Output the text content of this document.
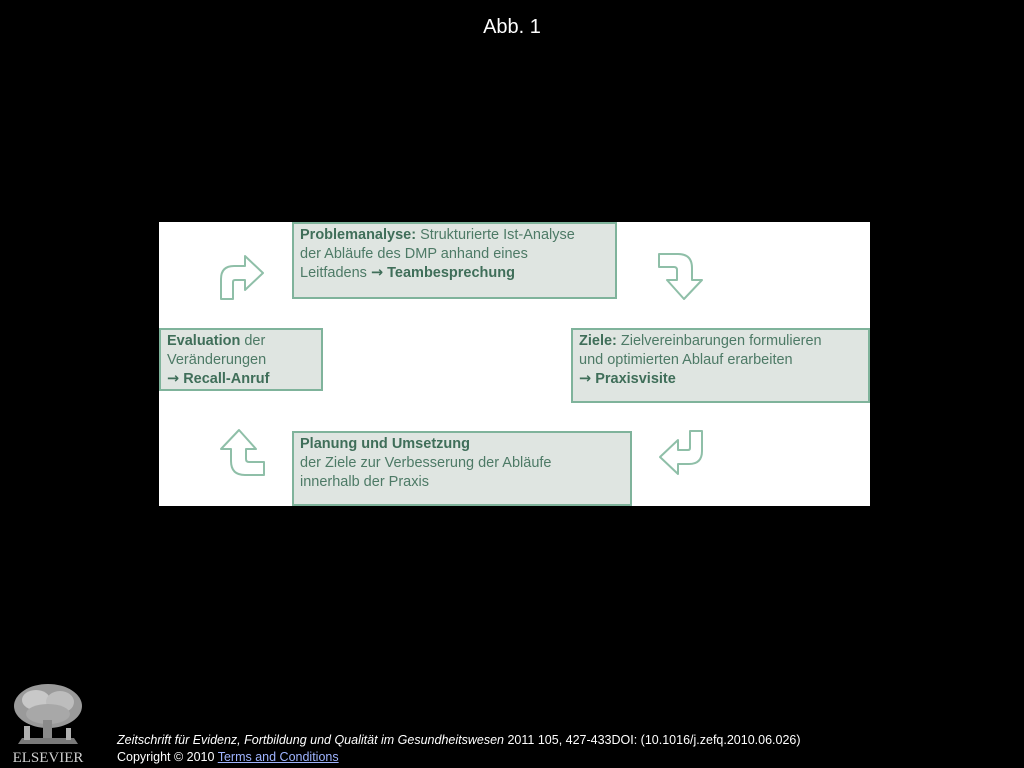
Abb. 1
Problemanalyse: Strukturierte Ist-Analyse
der Abläufe des DMP anhand eines
Leitfadens → Teambesprechung
Ziele: Zielvereinbarungen formulieren
und optimierten Ablauf erarbeiten
→ Praxisvisite
Planung und Umsetzung
der Ziele zur Verbesserung der Abläufe
innerhalb der Praxis
Evaluation der
Veränderungen
→ Recall-Anruf
ELSEVIER
Zeitschrift für Evidenz, Fortbildung und Qualität im Gesundheitswesen 2011 105, 427-433DOI: (10.1016/j.zefq.2010.06.026)
Copyright © 2010 Terms and Conditions
